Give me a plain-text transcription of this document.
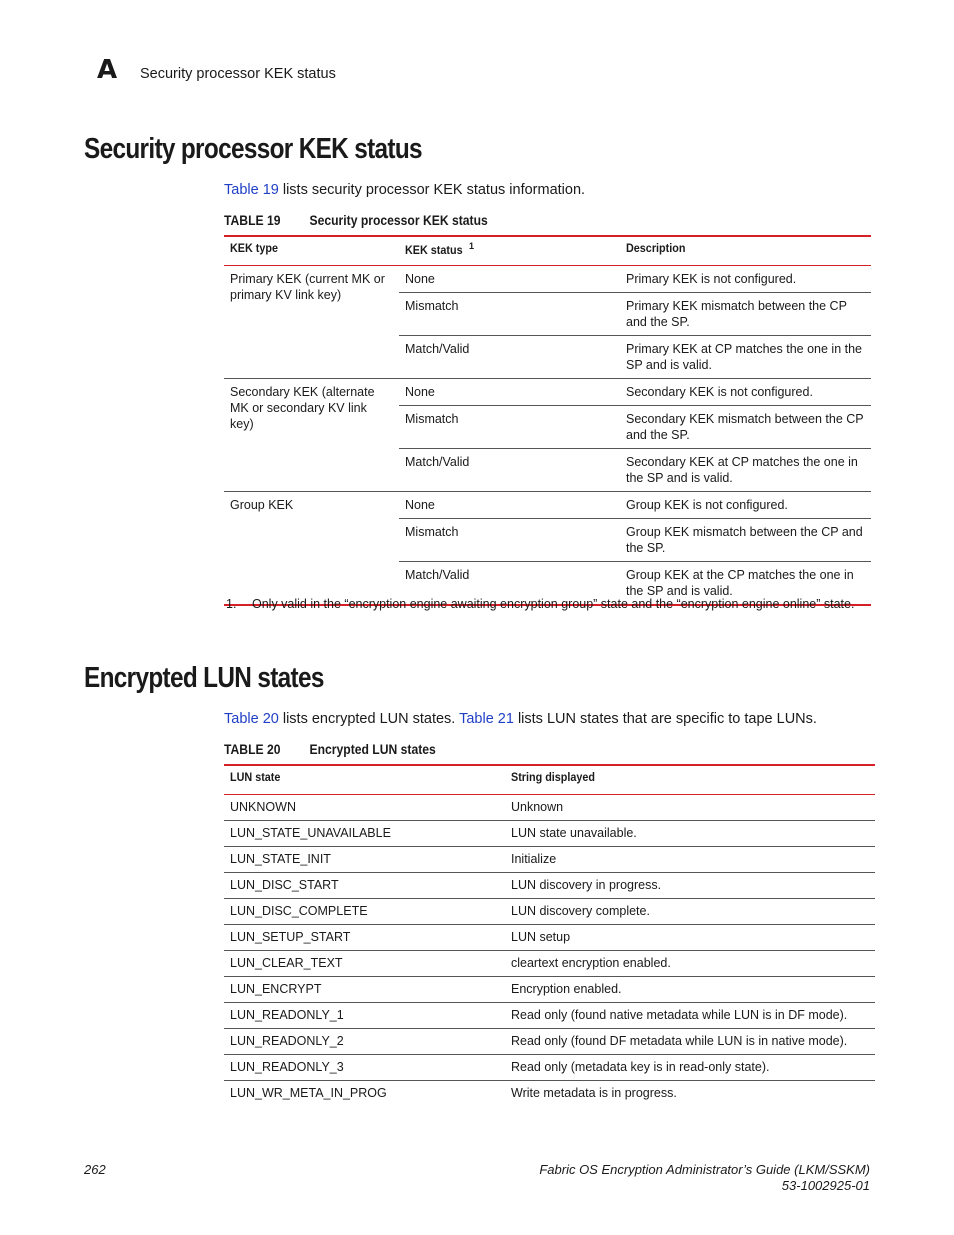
A Security processor KEK status
Security processor KEK status
Table 19 lists security processor KEK status information.
TABLE 19 Security processor KEK status
KEK type	KEK status $^1$	Description
Primary KEK (current MK or primary KV link key)	None	Primary KEK is not configured.
	Mismatch	Primary KEK mismatch between the CP and the SP.
	Match/Valid	Primary KEK at CP matches the one in the SP and is valid.
Secondary KEK (alternate MK or secondary KV link key)	None	Secondary KEK is not configured.
	Mismatch	Secondary KEK mismatch between the CP and the SP.
	Match/Valid	Secondary KEK at CP matches the one in the SP and is valid.
Group KEK	None	Group KEK is not configured.
	Mismatch	Group KEK mismatch between the CP and the SP.
	Match/Valid	Group KEK at the CP matches the one in the SP and is valid.
1. Only valid in the “encryption engine awaiting encryption group” state and the “encryption engine online” state.
Encrypted LUN states
Table 20 lists encrypted LUN states. Table 21 lists LUN states that are specific to tape LUNs.
TABLE 20 Encrypted LUN states
LUN state	String displayed
UNKNOWN	Unknown
LUN_STATE_UNAVAILABLE	LUN state unavailable.
LUN_STATE_INIT	Initialize
LUN_DISC_START	LUN discovery in progress.
LUN_DISC_COMPLETE	LUN discovery complete.
LUN_SETUP_START	LUN setup
LUN_CLEAR_TEXT	cleartext encryption enabled.
LUN_ENCRYPT	Encryption enabled.
LUN_READONLY_1	Read only (found native metadata while LUN is in DF mode).
LUN_READONLY_2	Read only (found DF metadata while LUN is in native mode).
LUN_READONLY_3	Read only (metadata key is in read-only state).
LUN_WR_META_IN_PROG	Write metadata is in progress.
262	Fabric OS Encryption Administrator’s Guide (LKM/SSKM)
53-1002925-01
